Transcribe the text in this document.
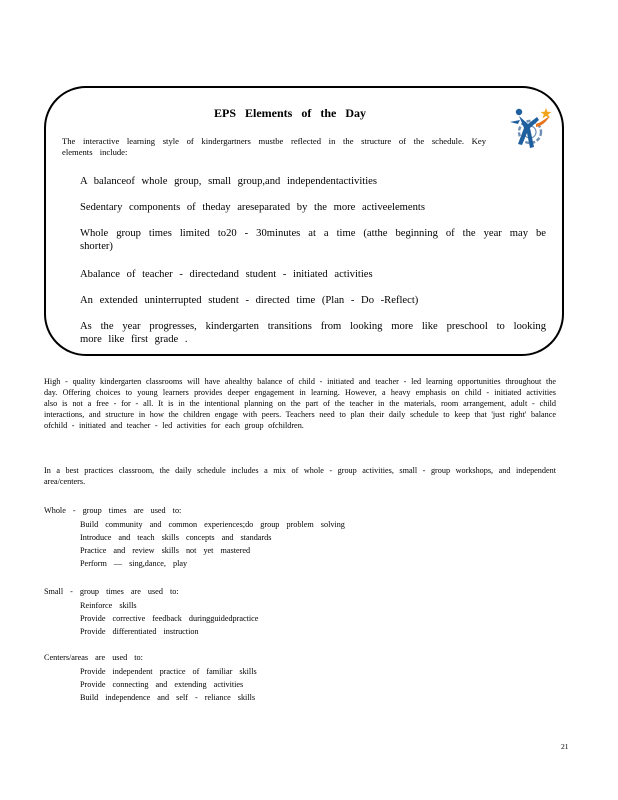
EPS Elements of the Day
The interactive learning style of kindergartners mustbe reflected in the structure of the schedule. Key elements include:
A balanceof whole group, small group,and independentactivities
Sedentary components of theday areseparated by the more activeelements
Whole group times limited to20 - 30minutes at a time (atthe beginning of the year may be shorter)
Abalance of teacher - directedand student - initiated activities
An extended uninterrupted student - directed time (Plan - Do -Reflect)
As the year progresses, kindergarten transitions from looking more like preschool to looking more like first grade .
High - quality kindergarten classrooms will have ahealthy balance of child - initiated and teacher - led learning opportunities throughout the day. Offering choices to young learners provides deeper engagement in learning. However, a heavy emphasis on child - initiated activities also is not a free - for - all. It is in the intentional planning on the part of the teacher in the materials, room arrangement, adult - child interactions, and structure in how the children engage with peers. Teachers need to plan their daily schedule to keep that 'just right' balance ofchild - initiated and teacher - led activities for each group ofchildren.
In a best practices classroom, the daily schedule includes a mix of whole - group activities, small - group workshops, and independent area/centers.
Whole - group times are used to:
Build community and common experiences;do group problem solving
Introduce and teach skills concepts and standards
Practice and review skills not yet mastered
Perform — sing,dance, play
Small - group times are used to:
Reinforce skills
Provide corrective feedback duringguidedpractice
Provide differentiated instruction
Centers/areas are used to:
Provide independent practice of familiar skills
Provide connecting and extending activities
Build independence and self - reliance skills
21
